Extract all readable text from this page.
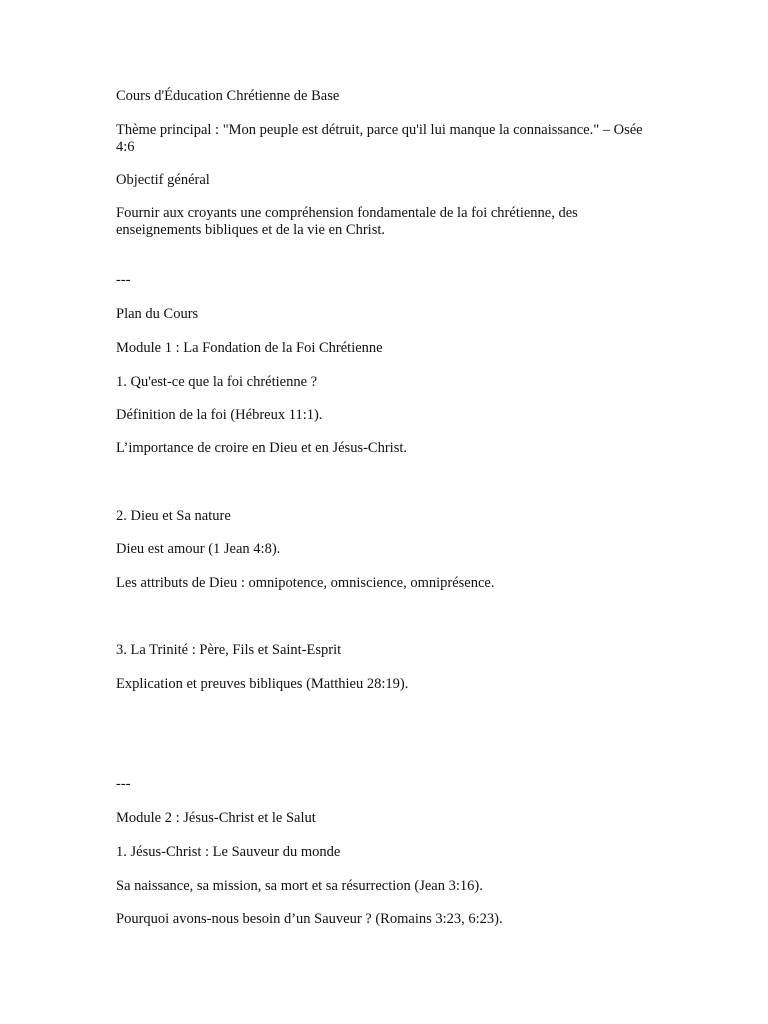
Cours d'Éducation Chrétienne de Base

Thème principal : "Mon peuple est détruit, parce qu'il lui manque la connaissance." – Osée 4:6

Objectif général

Fournir aux croyants une compréhension fondamentale de la foi chrétienne, des enseignements bibliques et de la vie en Christ.

---

Plan du Cours

Module 1 : La Fondation de la Foi Chrétienne

1. Qu'est-ce que la foi chrétienne ?

Définition de la foi (Hébreux 11:1).

L’importance de croire en Dieu et en Jésus-Christ.

2. Dieu et Sa nature

Dieu est amour (1 Jean 4:8).

Les attributs de Dieu : omnipotence, omniscience, omniprésence.

3. La Trinité : Père, Fils et Saint-Esprit

Explication et preuves bibliques (Matthieu 28:19).

---

Module 2 : Jésus-Christ et le Salut

1. Jésus-Christ : Le Sauveur du monde

Sa naissance, sa mission, sa mort et sa résurrection (Jean 3:16).

Pourquoi avons-nous besoin d’un Sauveur ? (Romains 3:23, 6:23).
